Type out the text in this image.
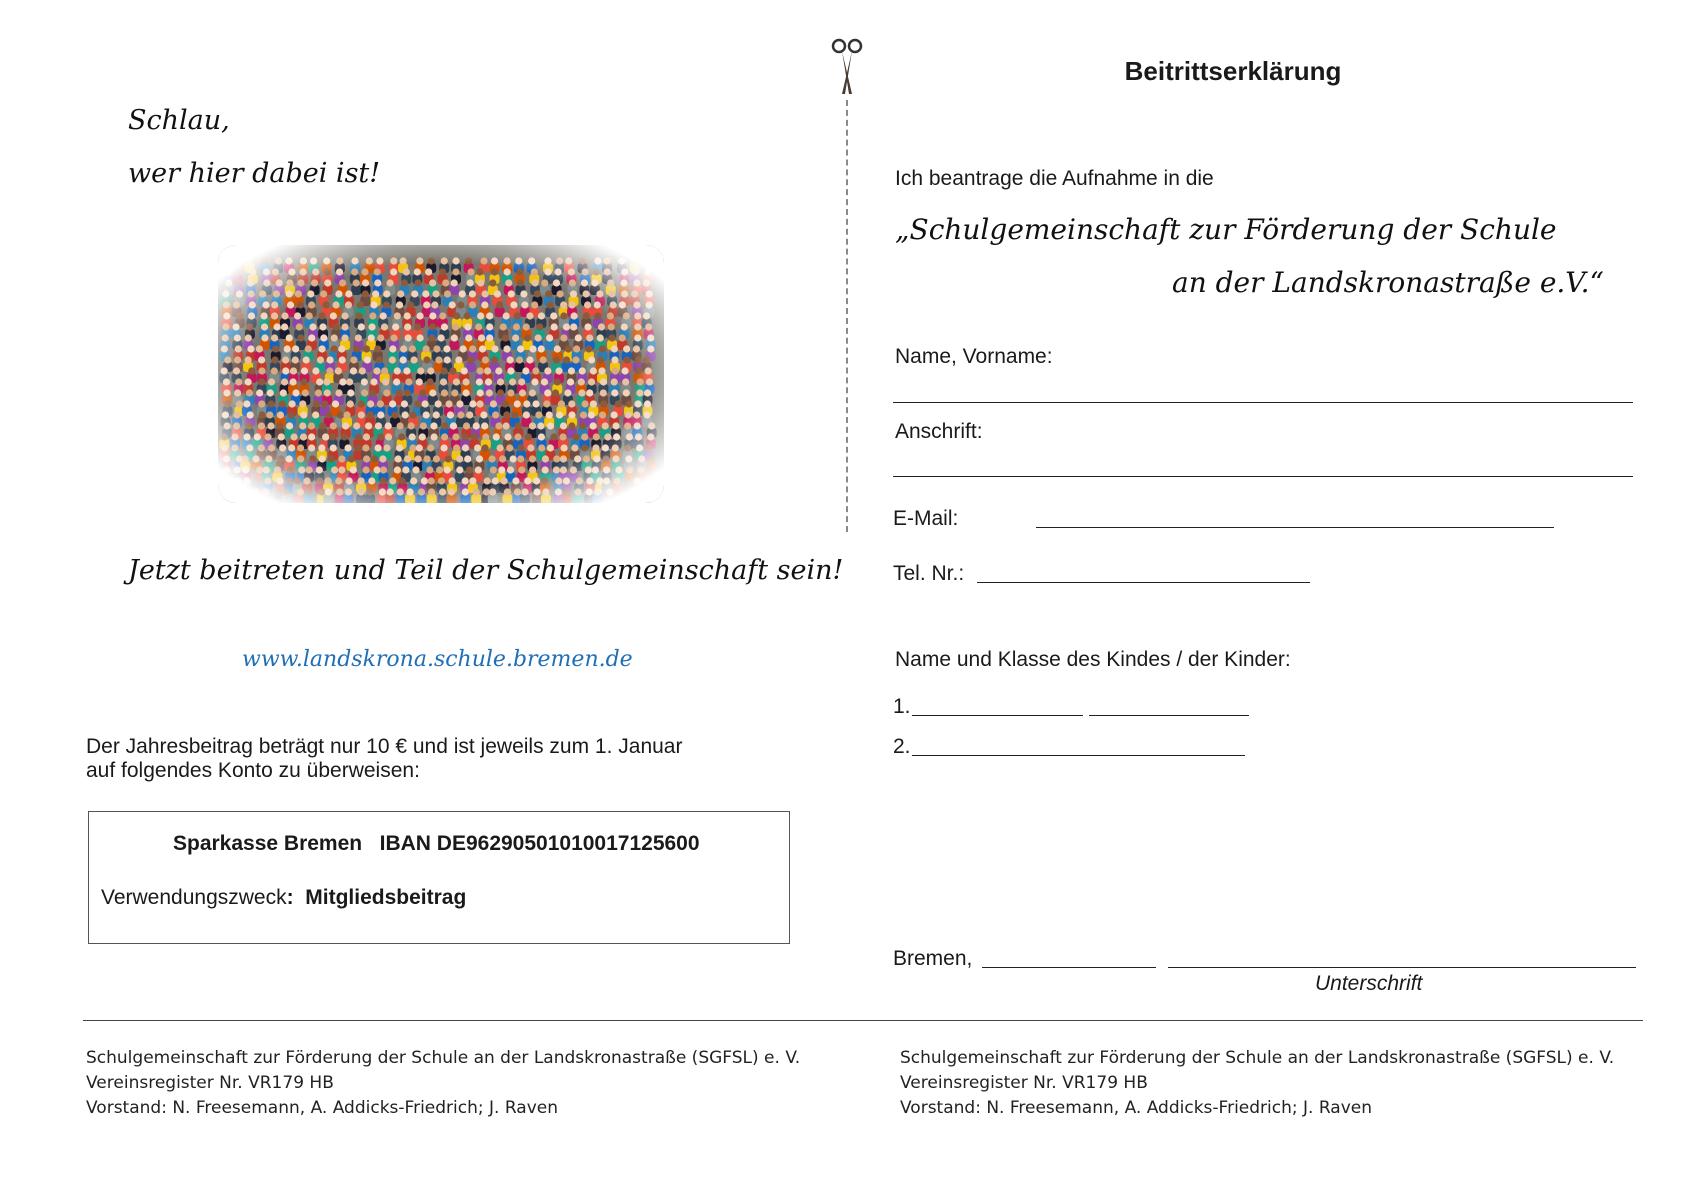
Schlau,
wer hier dabei ist!
Jetzt beitreten und Teil der Schulgemeinschaft sein!
www.landskrona.schule.bremen.de
Der Jahresbeitrag beträgt nur 10 € und ist jeweils zum 1. Januar
auf folgendes Konto zu überweisen:
Sparkasse Bremen   IBAN DE96290501010017125600
Verwendungszweck: Mitgliedsbeitrag
Beitrittserklärung
Ich beantrage die Aufnahme in die
„Schulgemeinschaft zur Förderung der Schule
an der Landskronastraße e.V.“
Name, Vorname:
Anschrift:
E-Mail:
Tel. Nr.:
Name und Klasse des Kindes / der Kinder:
1.
2.
Bremen,
Unterschrift
Schulgemeinschaft zur Förderung der Schule an der Landskronastraße (SGFSL) e. V.
Vereinsregister Nr. VR179 HB
Vorstand: N. Freesemann, A. Addicks-Friedrich; J. Raven
Schulgemeinschaft zur Förderung der Schule an der Landskronastraße (SGFSL) e. V.
Vereinsregister Nr. VR179 HB
Vorstand: N. Freesemann, A. Addicks-Friedrich; J. Raven
